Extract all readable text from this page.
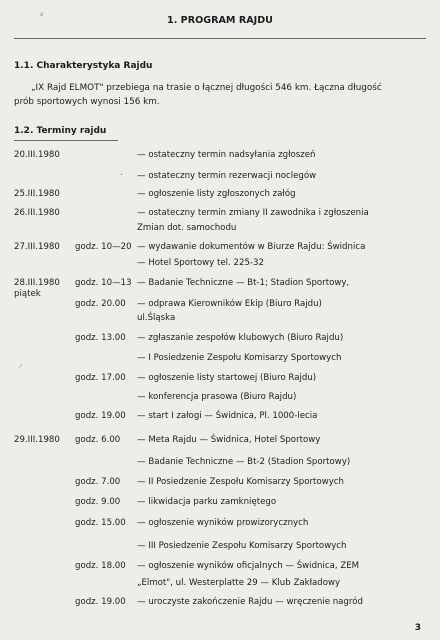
⸗
1. PROGRAM RAJDU
1.1. Charakterystyka Rajdu
„IX Rajd ELMOT" przebiega na trasie o łącznej długości 546 km. Łączna długość
prób sportowych wynosi 156 km.
1.2. Terminy rajdu
20.III.1980	— ostateczny termin nadsyłania zgłoszeń
— ostateczny termin rezerwacji noclegów
25.III.1980	— ogłoszenie listy zgłoszonych załóg
26.III.1980	— ostateczny termin zmiany II zawodnika i zgłoszenia
Zmian dot. samochodu
27.III.1980 godz. 10—20 — wydawanie dokumentów w Biurze Rajdu: Świdnica
— Hotel Sportowy tel. 225-32
28.III.1980 godz. 10—13 — Badanie Techniczne — Bt-1; Stadion Sportowy,
piątek
godz. 20.00 — odprawa Kierowników Ekip (Biuro Rajdu)
ul.Śląska
godz. 13.00 — zgłaszanie zespołów klubowych (Biuro Rajdu)
— I Posiedzenie Zespołu Komisarzy Sportowych
godz. 17.00 — ogłoszenie listy startowej (Biuro Rajdu)
— konferencja prasowa (Biuro Rajdu)
godz. 19.00 — start I załogi — Świdnica, Pl. 1000-lecia
29.III.1980 godz. 6.00 — Meta Rajdu — Świdnica, Hotel Sportowy
— Badanie Techniczne — Bt-2 (Stadion Sportowy)
godz. 7.00 — II Posiedzenie Zespołu Komisarzy Sportowych
godz. 9.00 — likwidacja parku zamkniętego
godz. 15.00 — ogłoszenie wyników prowizorycznych
— III Posiedzenie Zespołu Komisarzy Sportowych
godz. 18.00 — ogłoszenie wyników oficjalnych — Świdnica, ZEM
„Elmot", ul. Westerplatte 29 — Klub Zakładowy
godz. 19.00 — uroczyste zakończenie Rajdu — wręczenie nagród
⸝
·
3
